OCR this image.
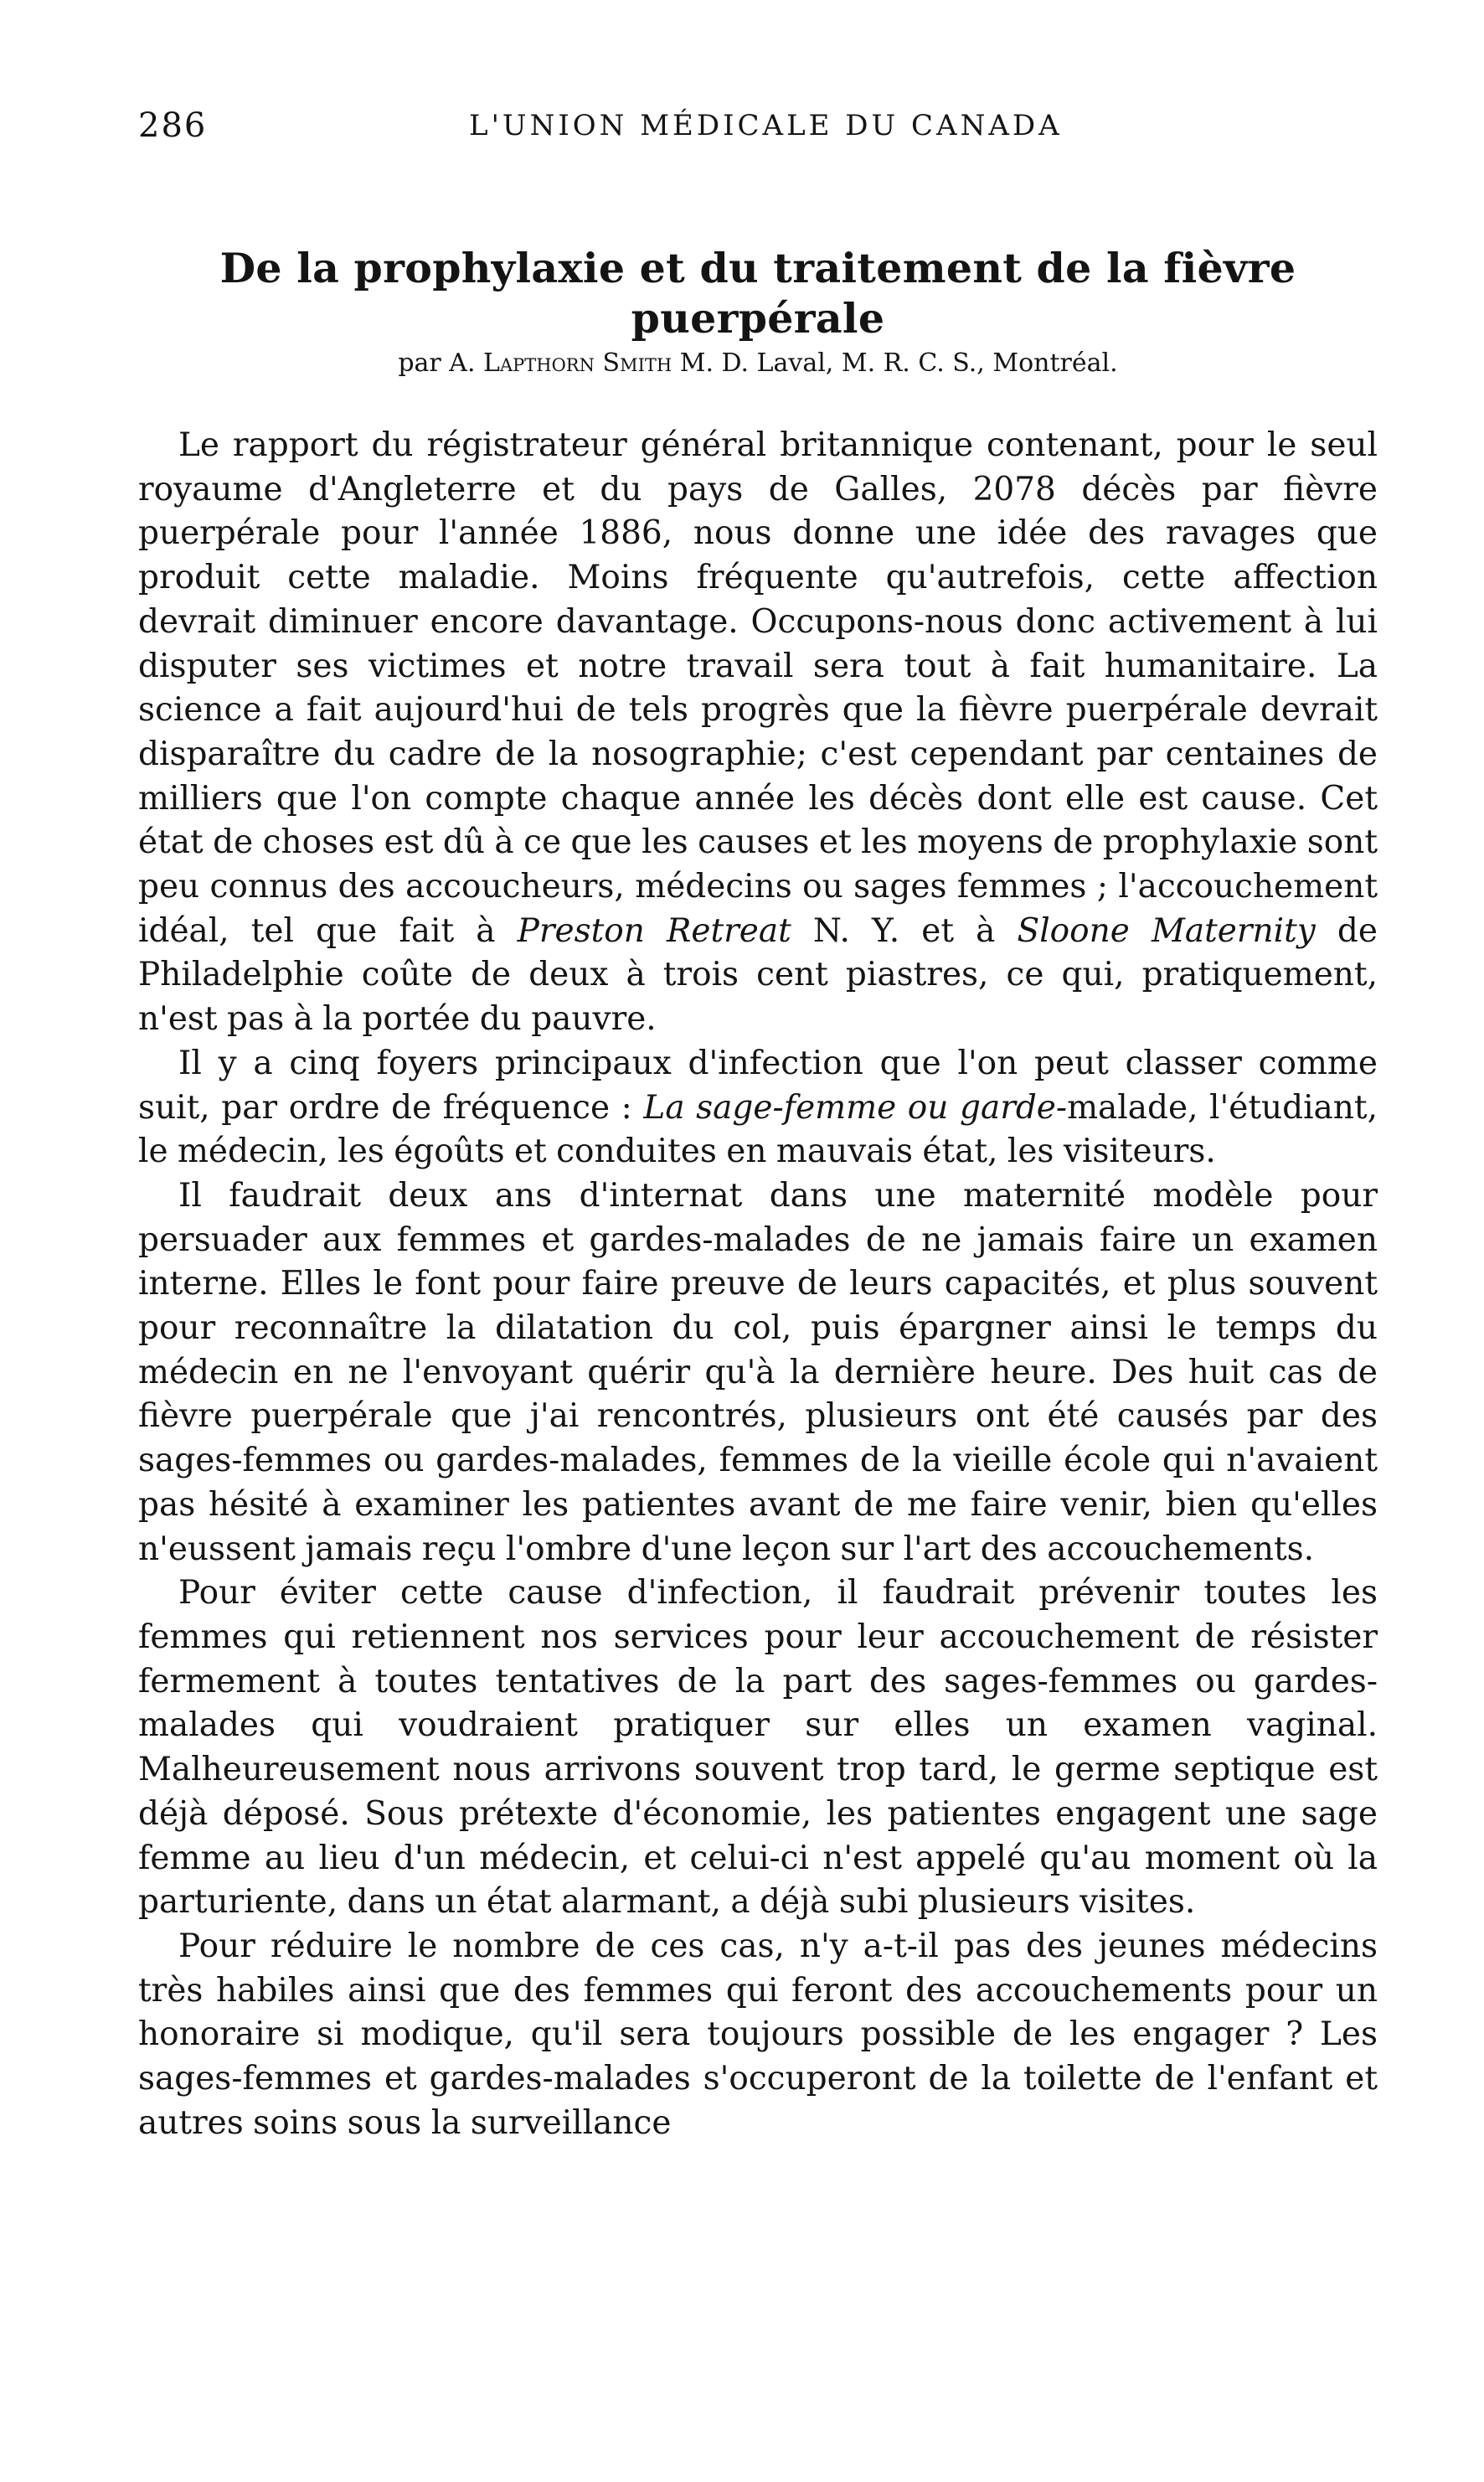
286	L'UNION MÉDICALE DU CANADA
De la prophylaxie et du traitement de la fièvre puerpérale
par A. Lapthorn Smith M. D. Laval, M. R. C. S., Montréal.

Le rapport du régistrateur général britannique contenant, pour le seul royaume d'Angleterre et du pays de Galles, 2078 décès par fièvre puerpérale pour l'année 1886, nous donne une idée des ravages que produit cette maladie. Moins fréquente qu'autrefois, cette affection devrait diminuer encore davantage. Occupons-nous donc activement à lui disputer ses victimes et notre travail sera tout à fait humanitaire. La science a fait aujourd'hui de tels progrès que la fièvre puerpérale devrait disparaître du cadre de la nosographie; c'est cependant par centaines de milliers que l'on compte chaque année les décès dont elle est cause. Cet état de choses est dû à ce que les causes et les moyens de prophylaxie sont peu connus des accoucheurs, médecins ou sages femmes ; l'accouchement idéal, tel que fait à Preston Retreat N. Y. et à Sloone Maternity de Philadelphie coûte de deux à trois cent piastres, ce qui, pratiquement, n'est pas à la portée du pauvre.

Il y a cinq foyers principaux d'infection que l'on peut classer comme suit, par ordre de fréquence : La sage-femme ou garde-malade, l'étudiant, le médecin, les égoûts et conduites en mauvais état, les visiteurs.

Il faudrait deux ans d'internat dans une maternité modèle pour persuader aux femmes et gardes-malades de ne jamais faire un examen interne. Elles le font pour faire preuve de leurs capacités, et plus souvent pour reconnaître la dilatation du col, puis épargner ainsi le temps du médecin en ne l'envoyant quérir qu'à la dernière heure. Des huit cas de fièvre puerpérale que j'ai rencontrés, plusieurs ont été causés par des sages-femmes ou gardes-malades, femmes de la vieille école qui n'avaient pas hésité à examiner les patientes avant de me faire venir, bien qu'elles n'eussent jamais reçu l'ombre d'une leçon sur l'art des accouchements.

Pour éviter cette cause d'infection, il faudrait prévenir toutes les femmes qui retiennent nos services pour leur accouchement de résister fermement à toutes tentatives de la part des sages-femmes ou gardes-malades qui voudraient pratiquer sur elles un examen vaginal. Malheureusement nous arrivons souvent trop tard, le germe septique est déjà déposé. Sous prétexte d'économie, les patientes engagent une sage femme au lieu d'un médecin, et celui-ci n'est appelé qu'au moment où la parturiente, dans un état alarmant, a déjà subi plusieurs visites.

Pour réduire le nombre de ces cas, n'y a-t-il pas des jeunes médecins très habiles ainsi que des femmes qui feront des accouchements pour un honoraire si modique, qu'il sera toujours possible de les engager ? Les sages-femmes et gardes-malades s'occuperont de la toilette de l'enfant et autres soins sous la surveillance
